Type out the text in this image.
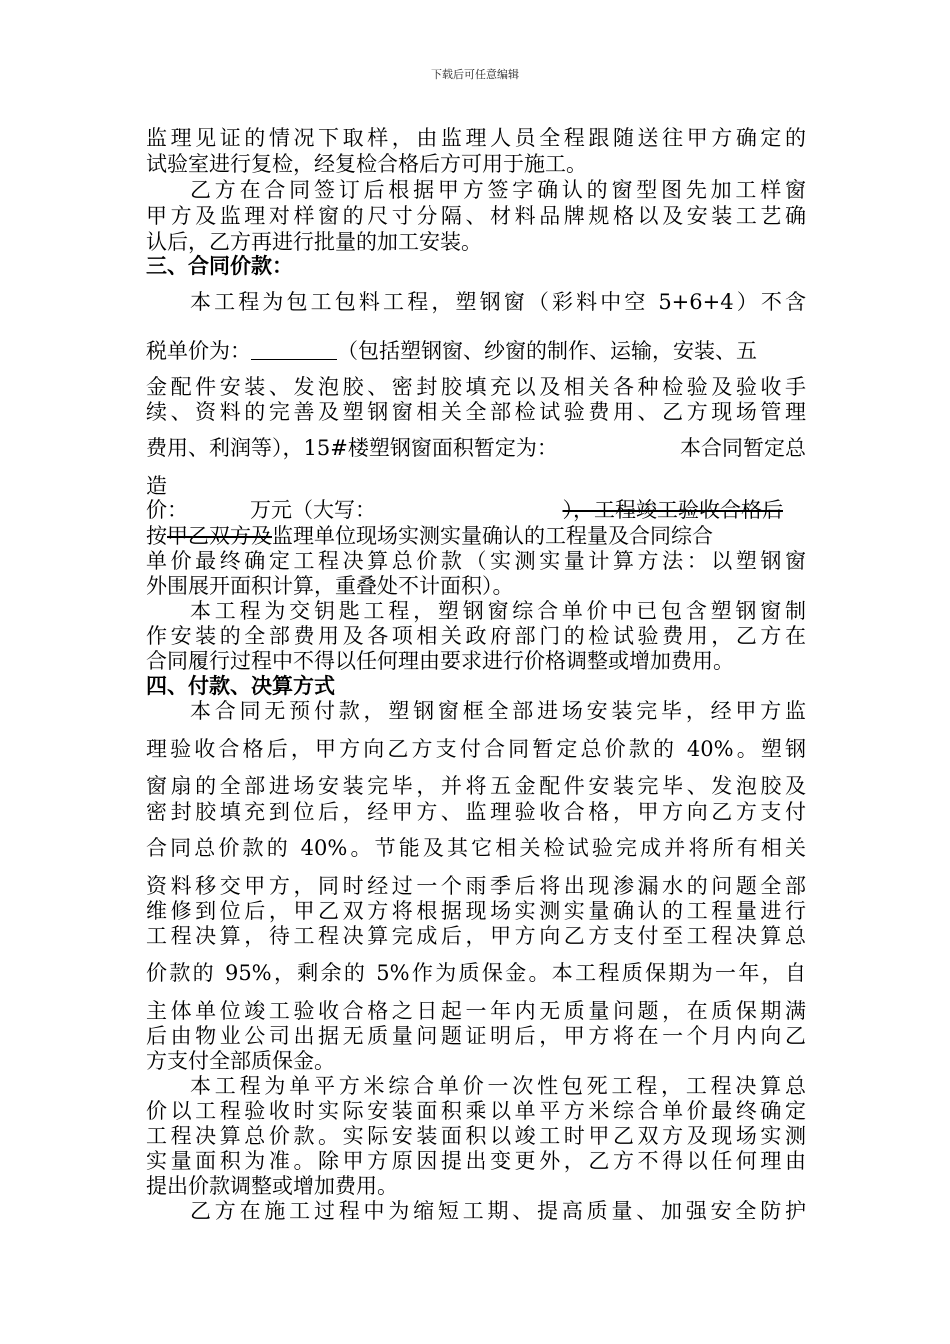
下载后可任意编辑
监理见证的情况下取样，由监理人员全程跟随送往甲方确定的
试验室进行复检，经复检合格后方可用于施工。
乙方在合同签订后根据甲方签字确认的窗型图先加工样窗
甲方及监理对样窗的尺寸分隔、材料品牌规格以及安装工艺确
认后，乙方再进行批量的加工安装。
三、合同价款：
本工程为包工包料工程，塑钢窗（彩料中空 5+6+4）不含
税单价为：	（包括塑钢窗、纱窗的制作、运输，安装、五
金配件安装、发泡胶、密封胶填充以及相关各种检验及验收手
续、资料的完善及塑钢窗相关全部检试验费用、乙方现场管理
费用、利润等），15#楼塑钢窗面积暂定为：	本合同暂定总
造
价：	万元（大写：	）， 工程竣工验收合格后
按甲乙双方及监理单位现场实测实量确认的工程量及合同综合
单价最终确定工程决算总价款（实测实量计算方法：以塑钢窗
外围展开面积计算，重叠处不计面积）。
本工程为交钥匙工程，塑钢窗综合单价中已包含塑钢窗制
作安装的全部费用及各项相关政府部门的检试验费用，乙方在
合同履行过程中不得以任何理由要求进行价格调整或增加费用。
四、付款、决算方式
本合同无预付款，塑钢窗框全部进场安装完毕，经甲方监
理验收合格后，甲方向乙方支付合同暂定总价款的 40%。塑钢
窗扇的全部进场安装完毕，并将五金配件安装完毕、发泡胶及
密封胶填充到位后，经甲方、监理验收合格，甲方向乙方支付
合同总价款的 40%。节能及其它相关检试验完成并将所有相关
资料移交甲方，同时经过一个雨季后将出现渗漏水的问题全部
维修到位后，甲乙双方将根据现场实测实量确认的工程量进行
工程决算，待工程决算完成后，甲方向乙方支付至工程决算总
价款的 95%，剩余的 5%作为质保金。本工程质保期为一年，自
主体单位竣工验收合格之日起一年内无质量问题，在质保期满
后由物业公司出据无质量问题证明后，甲方将在一个月内向乙
方支付全部质保金。
本工程为单平方米综合单价一次性包死工程，工程决算总
价以工程验收时实际安装面积乘以单平方米综合单价最终确定
工程决算总价款。实际安装面积以竣工时甲乙双方及现场实测
实量面积为准。除甲方原因提出变更外，乙方不得以任何理由
提出价款调整或增加费用。
乙方在施工过程中为缩短工期、提高质量、加强安全防护
